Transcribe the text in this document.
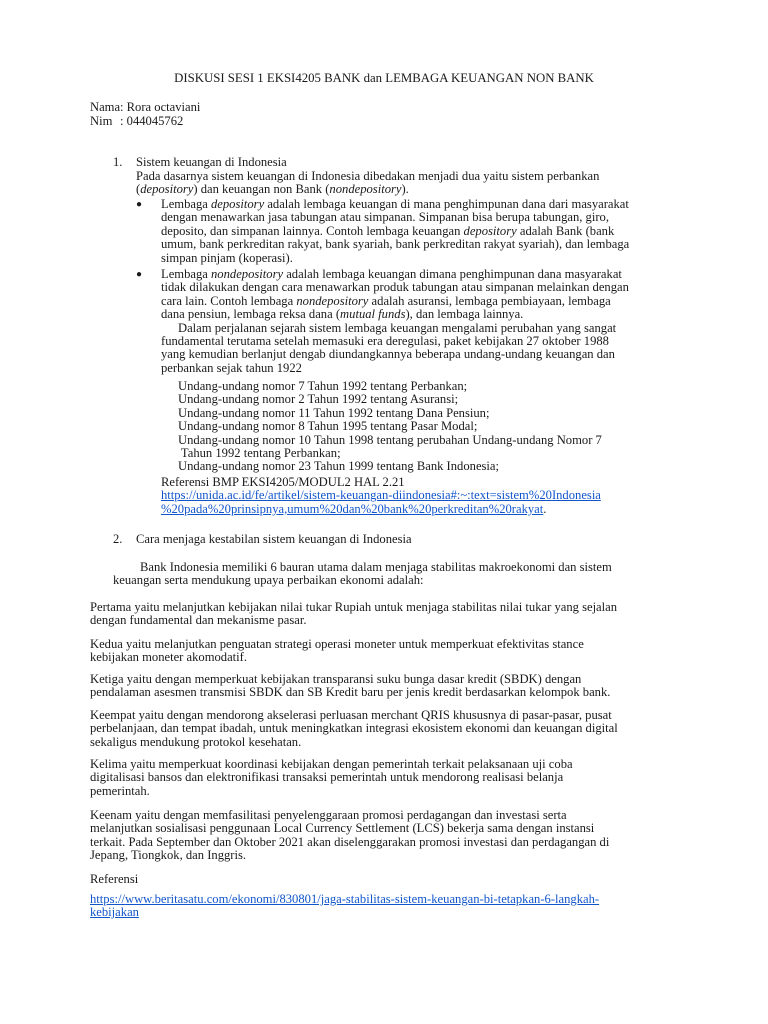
DISKUSI SESI 1 EKSI4205 BANK dan LEMBAGA KEUANGAN NON BANK
Nama : Rora octaviani
Nim : 044045762
1. Sistem keuangan di Indonesia
Pada dasarnya sistem keuangan di Indonesia dibedakan menjadi dua yaitu sistem perbankan
(depository) dan keuangan non Bank (nondepository).
● Lembaga depository adalah lembaga keuangan di mana penghimpunan dana dari masyarakat
dengan menawarkan jasa tabungan atau simpanan. Simpanan bisa berupa tabungan, giro,
deposito, dan simpanan lainnya. Contoh lembaga keuangan depository adalah Bank (bank
umum, bank perkreditan rakyat, bank syariah, bank perkreditan rakyat syariah), dan lembaga
simpan pinjam (koperasi).
● Lembaga nondepository adalah lembaga keuangan dimana penghimpunan dana masyarakat
tidak dilakukan dengan cara menawarkan produk tabungan atau simpanan melainkan dengan
cara lain. Contoh lembaga nondepository adalah asuransi, lembaga pembiayaan, lembaga
dana pensiun, lembaga reksa dana (mutual funds), dan lembaga lainnya.
Dalam perjalanan sejarah sistem lembaga keuangan mengalami perubahan yang sangat
fundamental terutama setelah memasuki era deregulasi, paket kebijakan 27 oktober 1988
yang kemudian berlanjut dengab diundangkannya beberapa undang-undang keuangan dan
perbankan sejak tahun 1922
Undang-undang nomor 7 Tahun 1992 tentang Perbankan;
Undang-undang nomor 2 Tahun 1992 tentang Asuransi;
Undang-undang nomor 11 Tahun 1992 tentang Dana Pensiun;
Undang-undang nomor 8 Tahun 1995 tentang Pasar Modal;
Undang-undang nomor 10 Tahun 1998 tentang perubahan Undang-undang Nomor 7
Tahun 1992 tentang Perbankan;
Undang-undang nomor 23 Tahun 1999 tentang Bank Indonesia;
Referensi BMP EKSI4205/MODUL2 HAL 2.21
https://unida.ac.id/fe/artikel/sistem-keuangan-diindonesia#:~:text=sistem%20Indonesia
%20pada%20prinsipnya,umum%20dan%20bank%20perkreditan%20rakyat.
2. Cara menjaga kestabilan sistem keuangan di Indonesia
Bank Indonesia memiliki 6 bauran utama dalam menjaga stabilitas makroekonomi dan sistem
keuangan serta mendukung upaya perbaikan ekonomi adalah:
Pertama yaitu melanjutkan kebijakan nilai tukar Rupiah untuk menjaga stabilitas nilai tukar yang sejalan
dengan fundamental dan mekanisme pasar.
Kedua yaitu melanjutkan penguatan strategi operasi moneter untuk memperkuat efektivitas stance
kebijakan moneter akomodatif.
Ketiga yaitu dengan memperkuat kebijakan transparansi suku bunga dasar kredit (SBDK) dengan
pendalaman asesmen transmisi SBDK dan SB Kredit baru per jenis kredit berdasarkan kelompok bank.
Keempat yaitu dengan mendorong akselerasi perluasan merchant QRIS khususnya di pasar-pasar, pusat
perbelanjaan, dan tempat ibadah, untuk meningkatkan integrasi ekosistem ekonomi dan keuangan digital
sekaligus mendukung protokol kesehatan.
Kelima yaitu memperkuat koordinasi kebijakan dengan pemerintah terkait pelaksanaan uji coba
digitalisasi bansos dan elektronifikasi transaksi pemerintah untuk mendorong realisasi belanja
pemerintah.
Keenam yaitu dengan memfasilitasi penyelenggaraan promosi perdagangan dan investasi serta
melanjutkan sosialisasi penggunaan Local Currency Settlement (LCS) bekerja sama dengan instansi
terkait. Pada September dan Oktober 2021 akan diselenggarakan promosi investasi dan perdagangan di
Jepang, Tiongkok, dan Inggris.
Referensi
https://www.beritasatu.com/ekonomi/830801/jaga-stabilitas-sistem-keuangan-bi-tetapkan-6-langkah-
kebijakan
